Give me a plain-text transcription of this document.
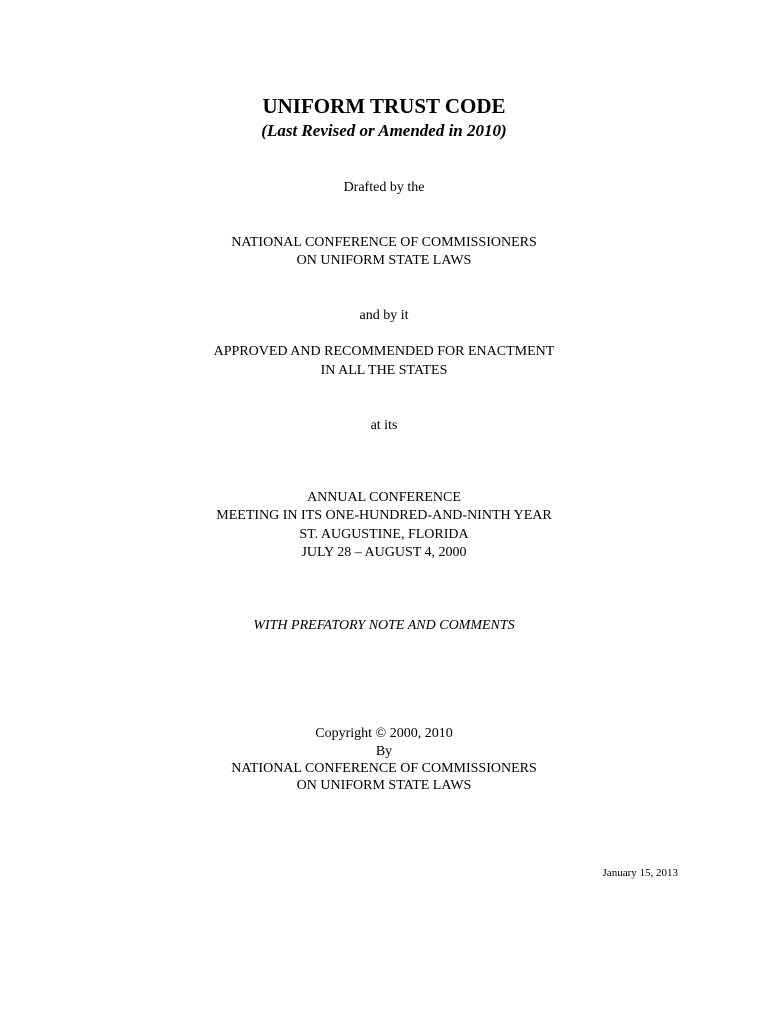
UNIFORM TRUST CODE
(Last Revised or Amended in 2010)
Drafted by the
NATIONAL CONFERENCE OF COMMISSIONERS
ON UNIFORM STATE LAWS
and by it
APPROVED AND RECOMMENDED FOR ENACTMENT
IN ALL THE STATES
at its
ANNUAL CONFERENCE
MEETING IN ITS ONE-HUNDRED-AND-NINTH YEAR
ST. AUGUSTINE, FLORIDA
JULY 28 – AUGUST 4, 2000
WITH PREFATORY NOTE AND COMMENTS
Copyright © 2000, 2010
By
NATIONAL CONFERENCE OF COMMISSIONERS
ON UNIFORM STATE LAWS
January 15, 2013
